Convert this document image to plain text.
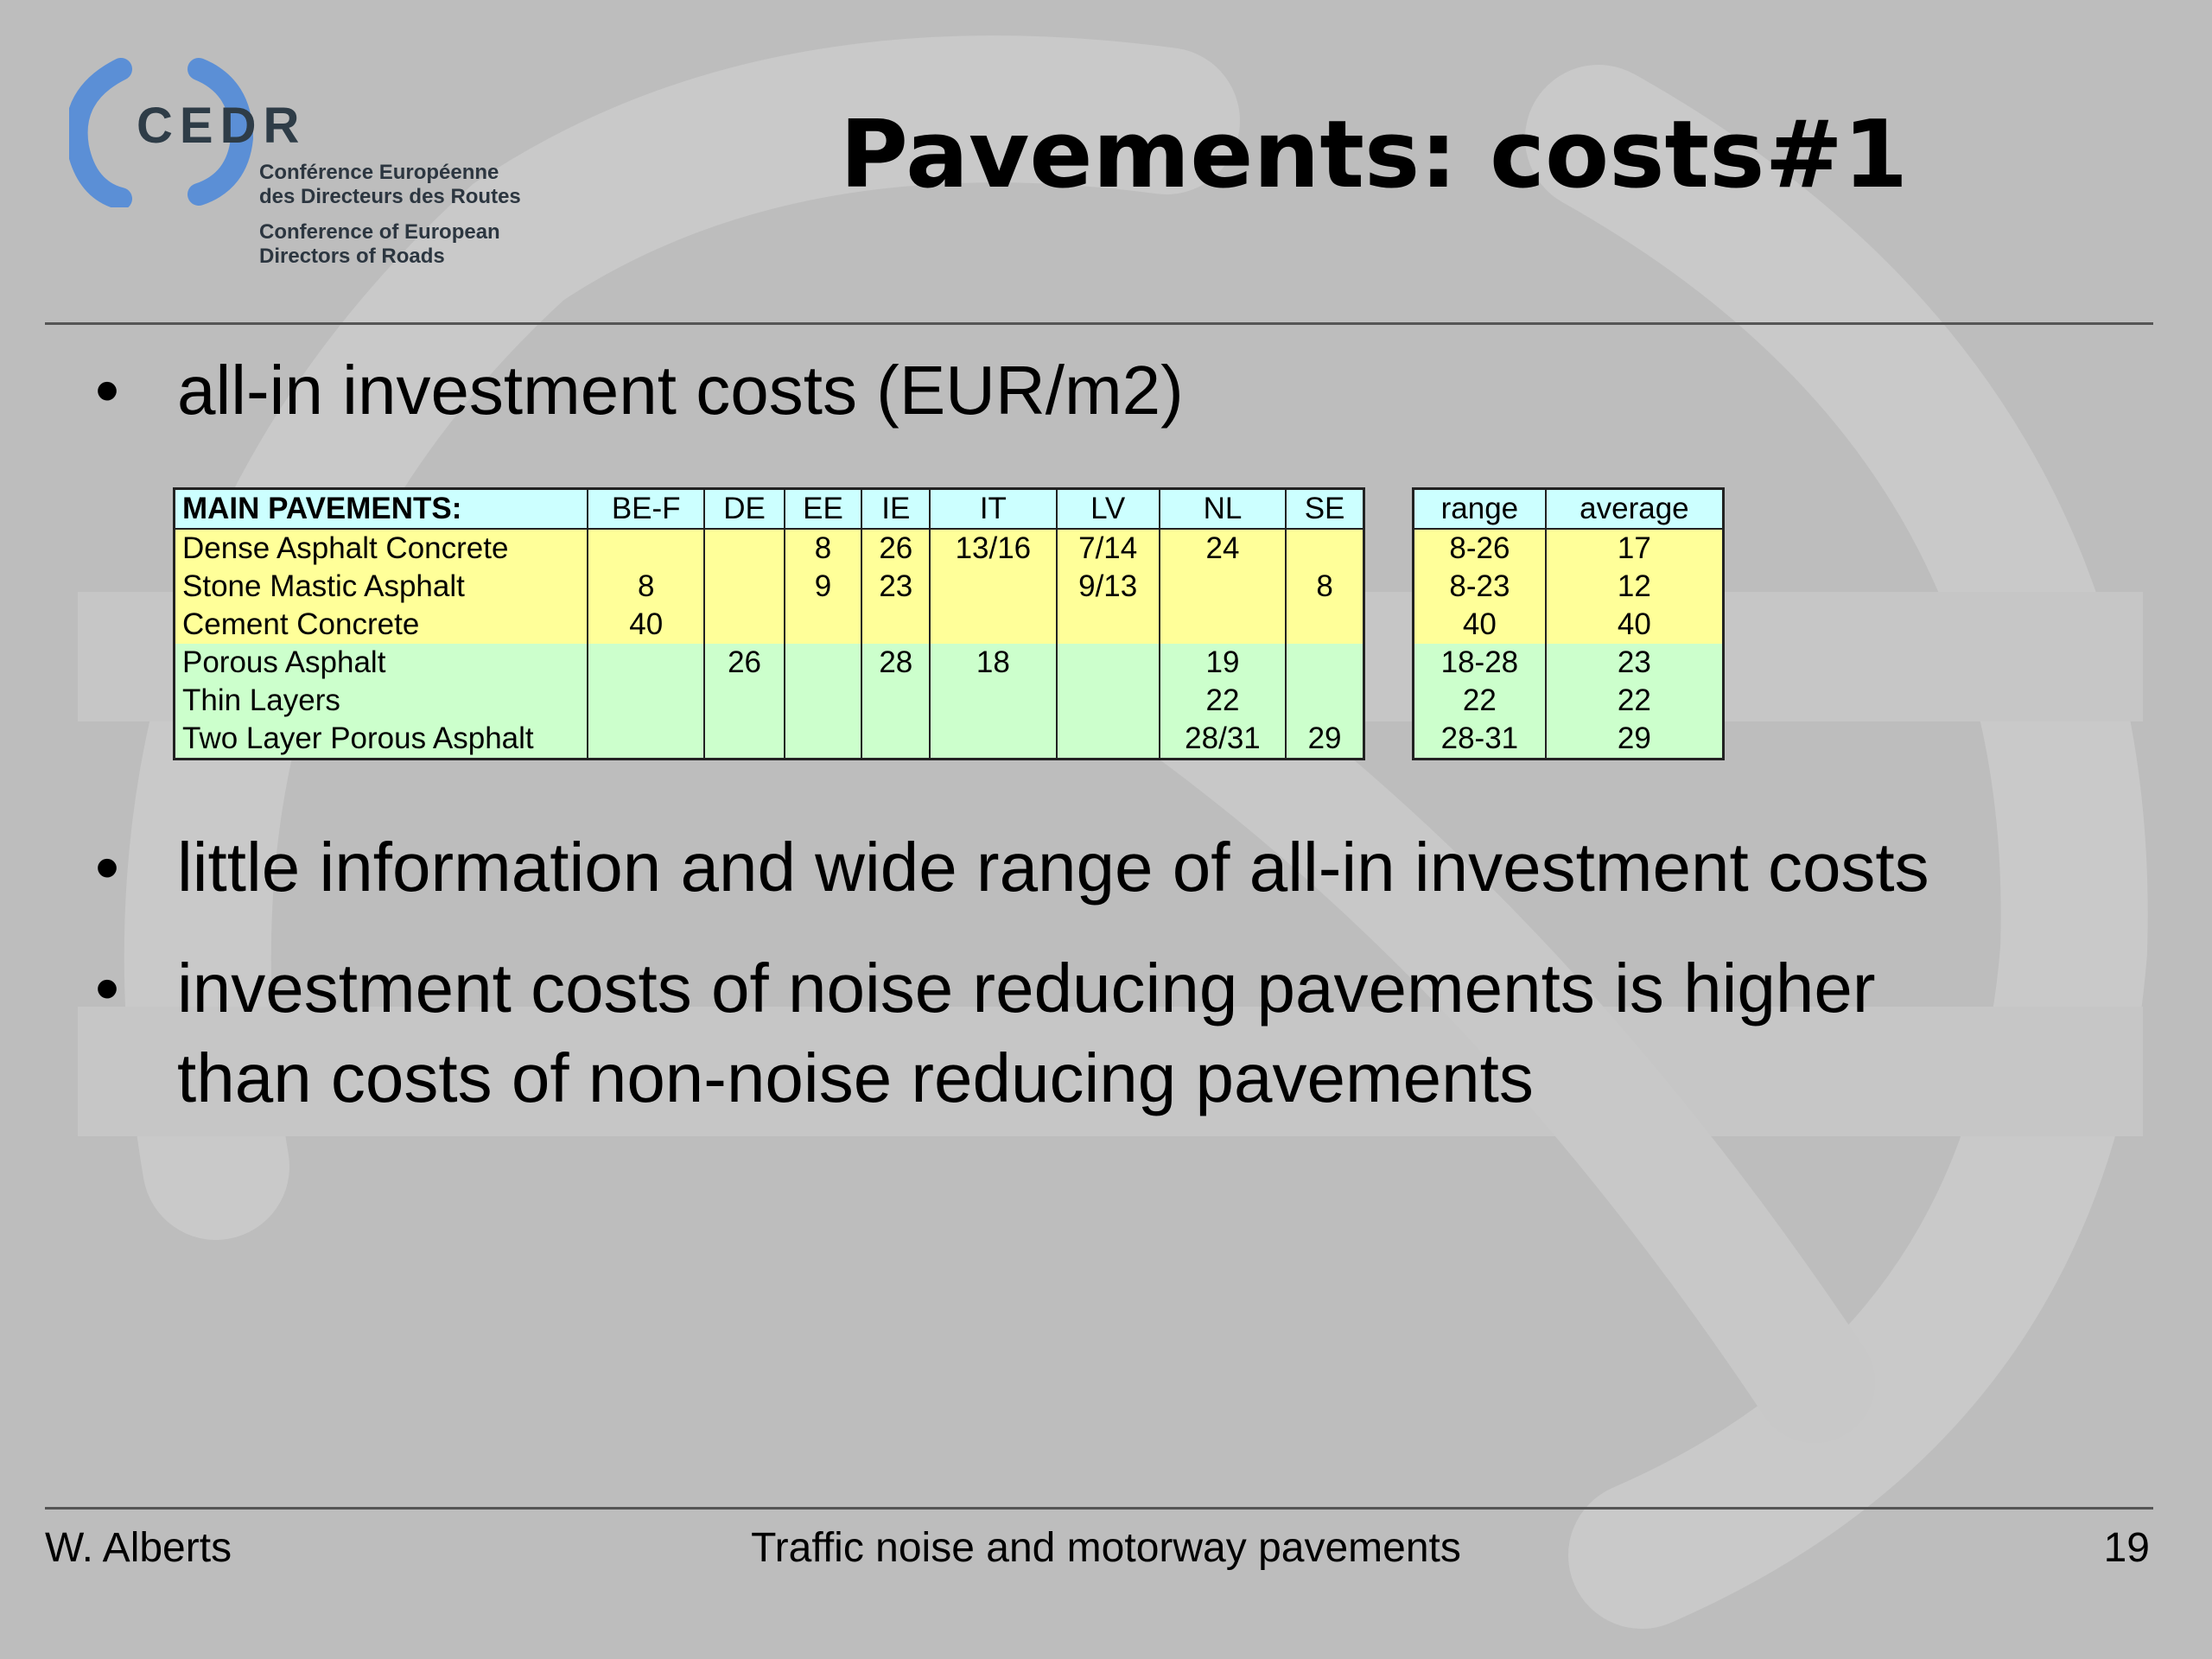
CEDR
Conférence Européenne
des Directeurs des Routes
Conference of European
Directors of Roads
Pavements: costs#1
• all-in investment costs (EUR/m2)
MAIN PAVEMENTS:	BE-F	DE	EE	IE	IT	LV	NL	SE
Dense Asphalt Concrete			8	26	13/16	7/14	24	
Stone Mastic Asphalt	8		9	23		9/13		8
Cement Concrete	40							
Porous Asphalt		26		28	18		19	
Thin Layers							22	
Two Layer Porous Asphalt							28/31	29
range	average
8-26	17
8-23	12
40	40
18-28	23
22	22
28-31	29
• little information and wide range of all-in investment costs
• investment costs of noise reducing pavements is higher
than costs of non-noise reducing pavements
W. Alberts	Traffic noise and motorway pavements	19
